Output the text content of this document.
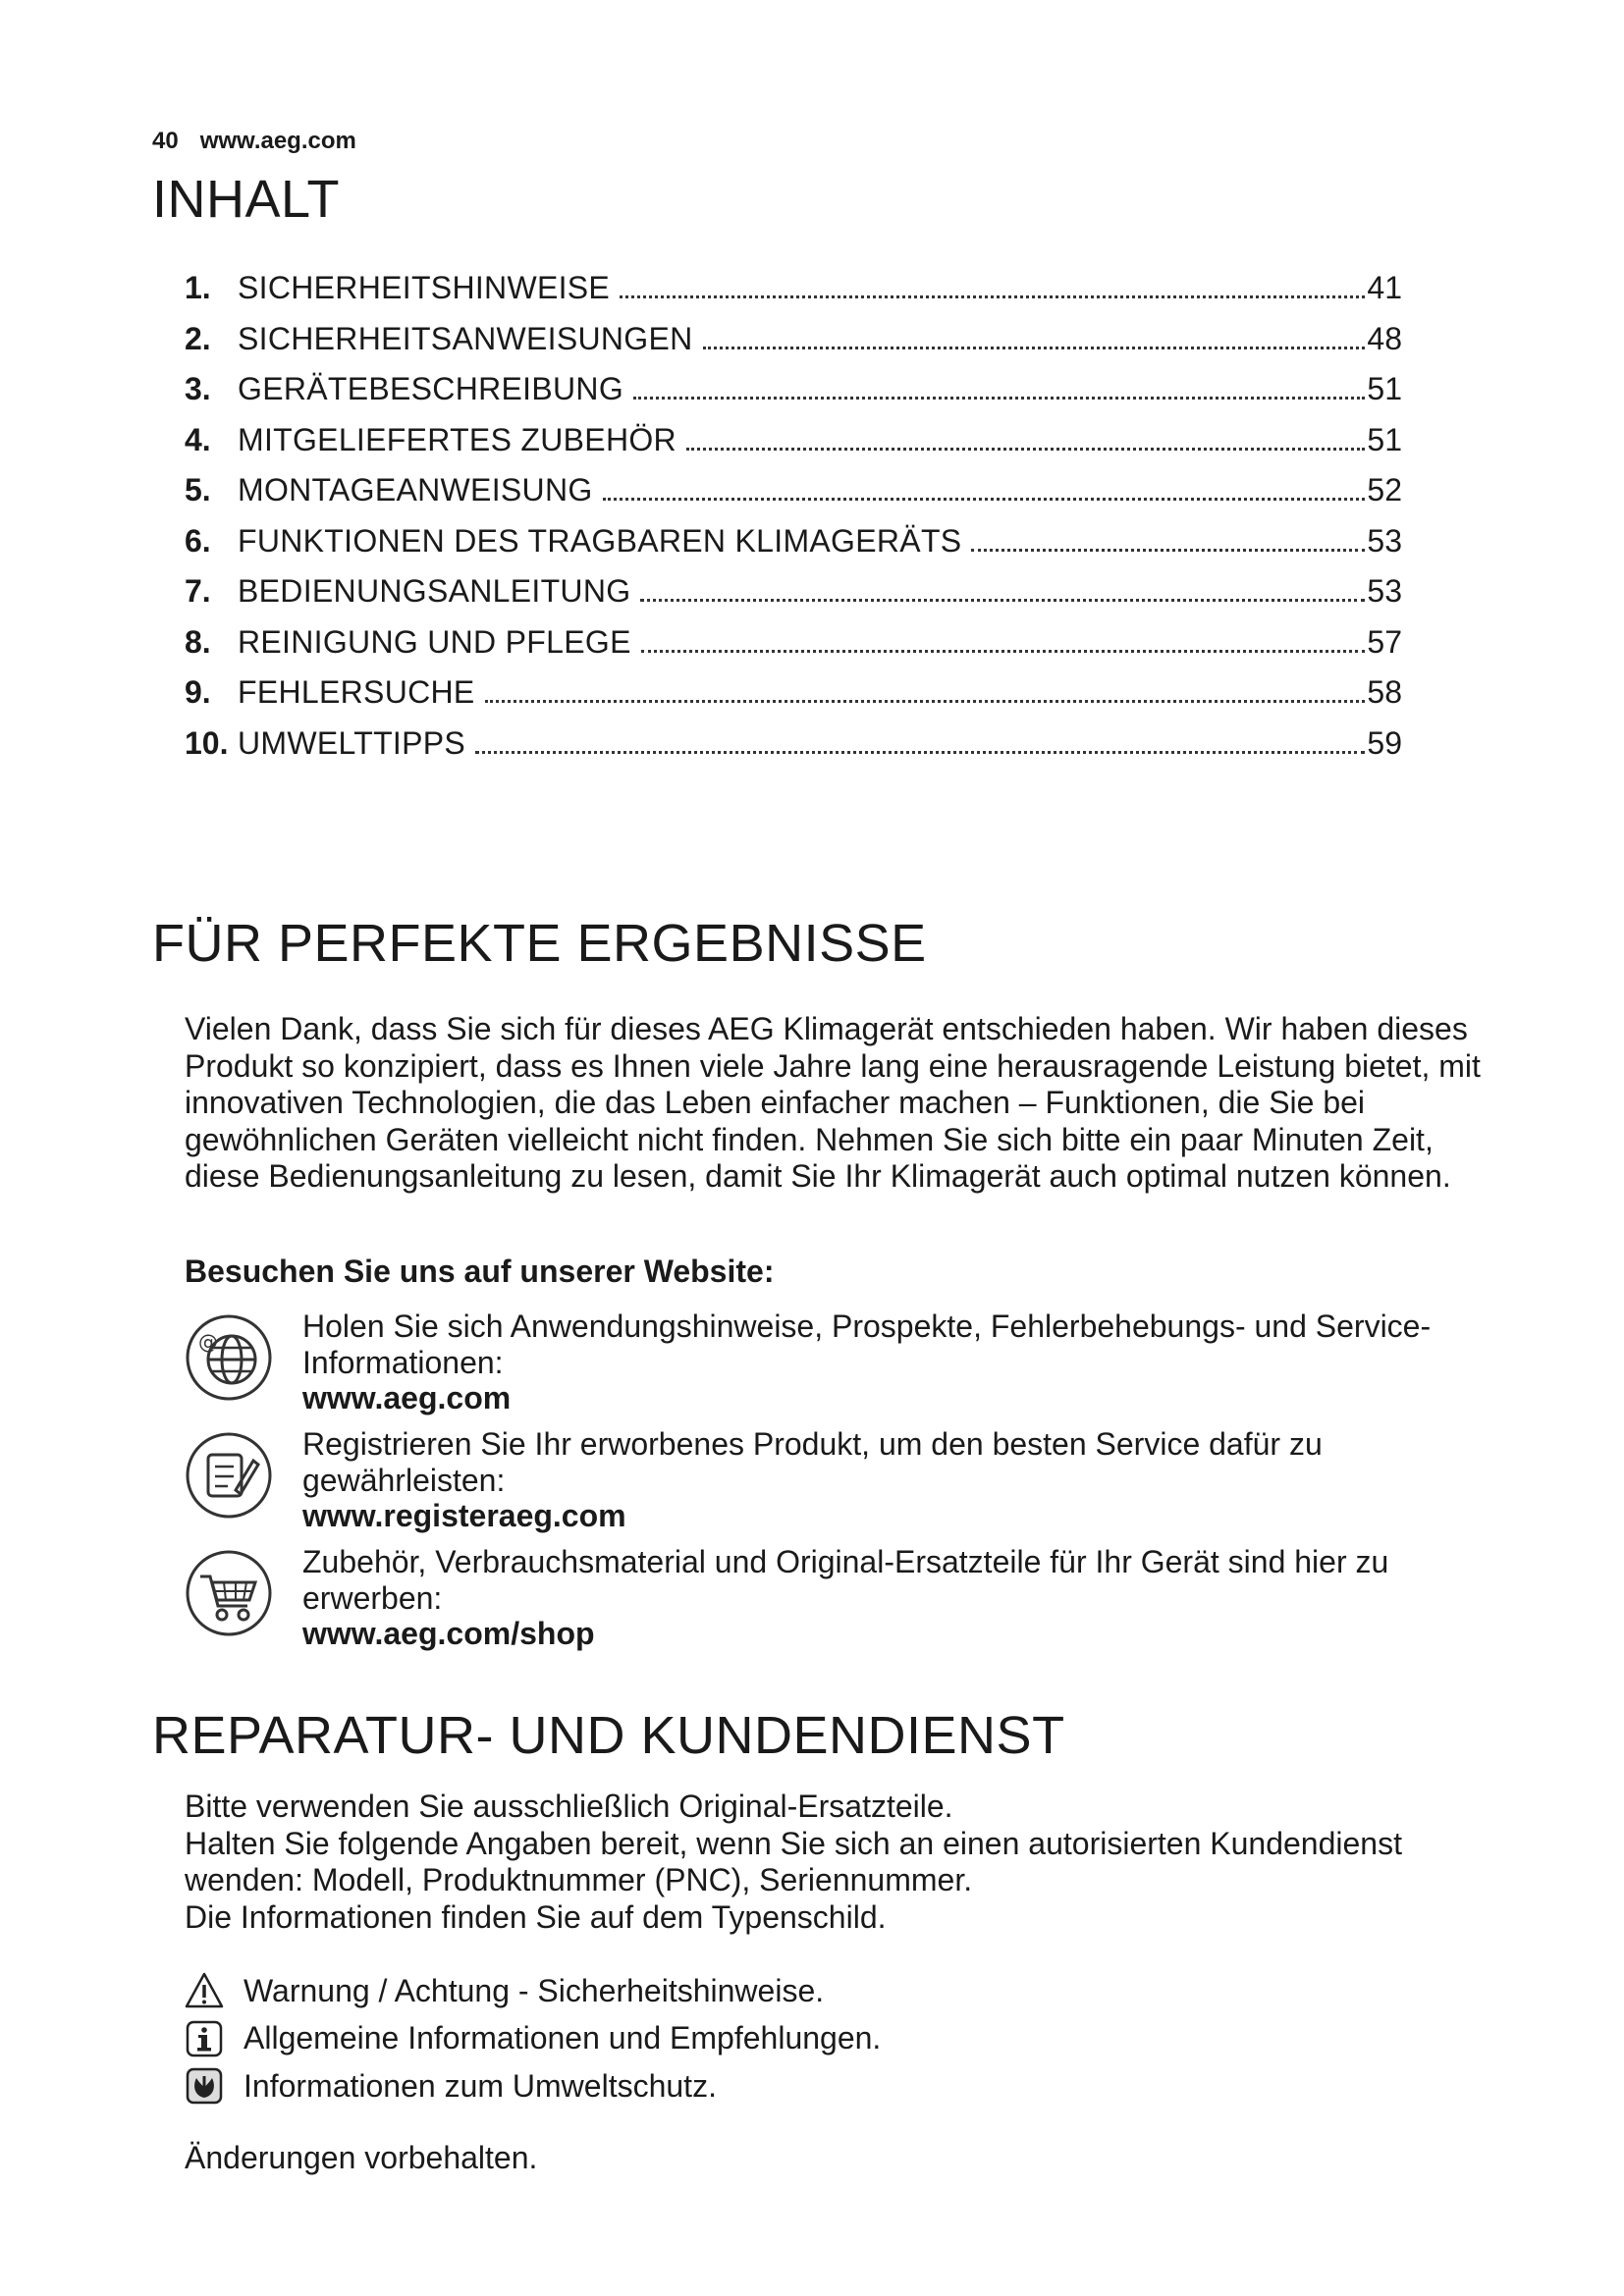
40 www.aeg.com
INHALT
1. SICHERHEITSHINWEISE	41
2. SICHERHEITSANWEISUNGEN	48
3. GERÄTEBESCHREIBUNG	51
4. MITGELIEFERTES ZUBEHÖR	51
5. MONTAGEANWEISUNG	52
6. FUNKTIONEN DES TRAGBAREN KLIMAGERÄTS	53
7. BEDIENUNGSANLEITUNG	53
8. REINIGUNG UND PFLEGE	57
9. FEHLERSUCHE	58
10. UMWELTTIPPS	59
FÜR PERFEKTE ERGEBNISSE

Vielen Dank, dass Sie sich für dieses AEG Klimagerät entschieden haben. Wir haben dieses Produkt so konzipiert, dass es Ihnen viele Jahre lang eine herausragende Leistung bietet, mit innovativen Technologien, die das Leben einfacher machen – Funktionen, die Sie bei gewöhnlichen Geräten vielleicht nicht finden. Nehmen Sie sich bitte ein paar Minuten Zeit, diese Bedienungsanleitung zu lesen, damit Sie Ihr Klimagerät auch optimal nutzen können.

Besuchen Sie uns auf unserer Website:

@	Holen Sie sich Anwendungshinweise, Prospekte, Fehlerbehebungs- und Service-Informationen:
www.aeg.com
Registrieren Sie Ihr erworbenes Produkt, um den besten Service dafür zu gewährleisten:
www.registeraeg.com
Zubehör, Verbrauchsmaterial und Original-Ersatzteile für Ihr Gerät sind hier zu erwerben:
www.aeg.com/shop
REPARATUR- UND KUNDENDIENST
Bitte verwenden Sie ausschließlich Original-Ersatzteile.
Halten Sie folgende Angaben bereit, wenn Sie sich an einen autorisierten Kundendienst wenden: Modell, Produktnummer (PNC), Seriennummer.
Die Informationen finden Sie auf dem Typenschild.
Warnung / Achtung - Sicherheitshinweise.
Allgemeine Informationen und Empfehlungen.
Informationen zum Umweltschutz.

Änderungen vorbehalten.
